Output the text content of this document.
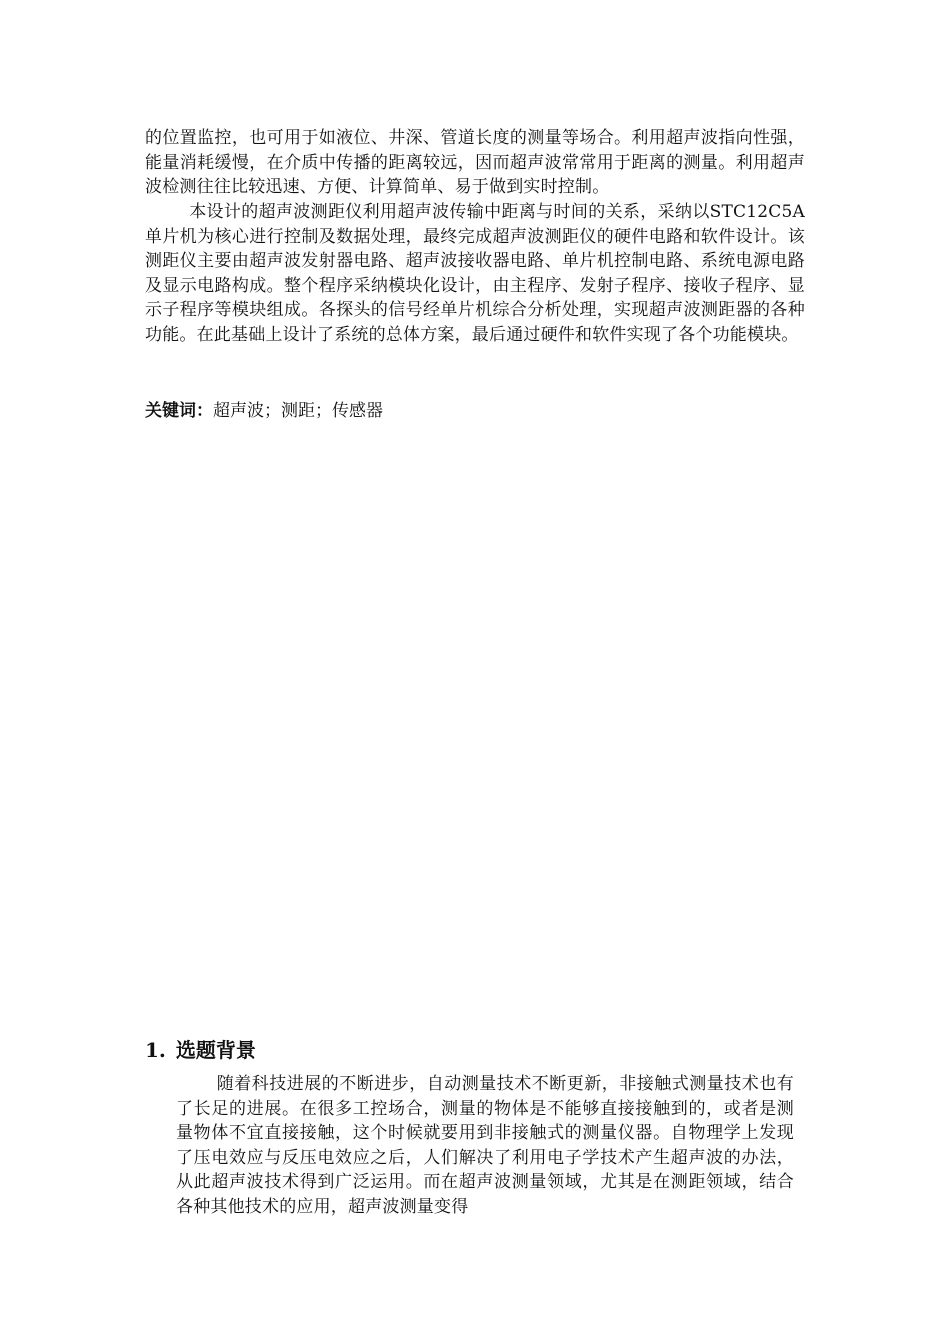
的位置监控，也可用于如液位、井深、管道长度的测量等场合。利用超声波指向性强，能量消耗缓慢，在介质中传播的距离较远，因而超声波常常用于距离的测量。利用超声波检测往往比较迅速、方便、计算简单、易于做到实时控制。

本设计的超声波测距仪利用超声波传输中距离与时间的关系，采纳以STC12C5A单片机为核心进行控制及数据处理，最终完成超声波测距仪的硬件电路和软件设计。该测距仪主要由超声波发射器电路、超声波接收器电路、单片机控制电路、系统电源电路及显示电路构成。整个程序采纳模块化设计，由主程序、发射子程序、接收子程序、显示子程序等模块组成。各探头的信号经单片机综合分析处理，实现超声波测距器的各种功能。在此基础上设计了系统的总体方案，最后通过硬件和软件实现了各个功能模块。

关键词：超声波；测距；传感器
1. 选题背景

随着科技进展的不断进步，自动测量技术不断更新，非接触式测量技术也有了长足的进展。在很多工控场合，测量的物体是不能够直接接触到的，或者是测量物体不宜直接接触，这个时候就要用到非接触式的测量仪器。自物理学上发现了压电效应与反压电效应之后，人们解决了利用电子学技术产生超声波的办法，从此超声波技术得到广泛运用。而在超声波测量领域，尤其是在测距领域，结合各种其他技术的应用，超声波测量变得
